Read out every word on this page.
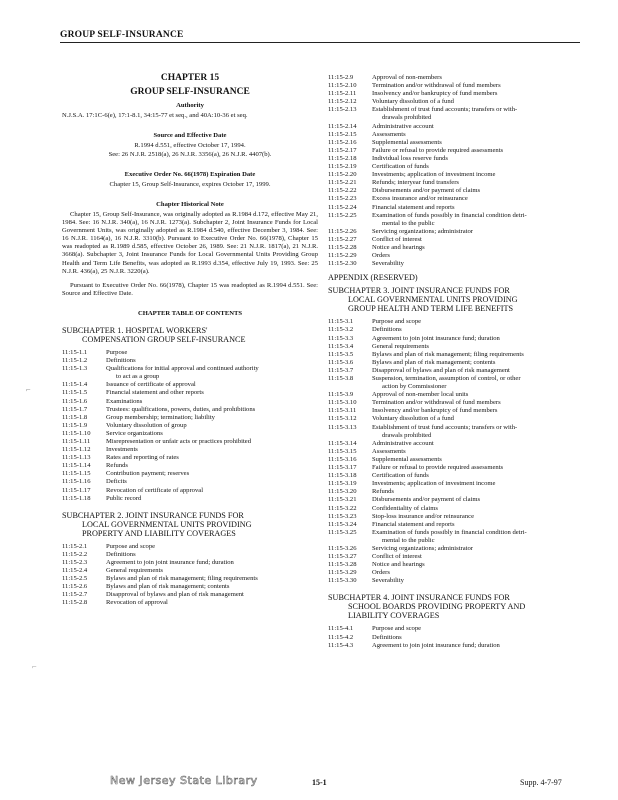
GROUP SELF-INSURANCE
CHAPTER 15
GROUP SELF-INSURANCE
Authority

N.J.S.A. 17:1C-6(e), 17:1-8.1, 34:15-77 et seq., and 40A:10-36 et seq.

Source and Effective Date
R.1994 d.551, effective October 17, 1994.
See: 26 N.J.R. 2518(a), 26 N.J.R. 3356(a), 26 N.J.R. 4407(b).
Executive Order No. 66(1978) Expiration Date
Chapter 15, Group Self-Insurance, expires October 17, 1999.
Chapter Historical Note

Chapter 15, Group Self-Insurance, was originally adopted as R.1984 d.172, effective May 21, 1984. See: 16 N.J.R. 340(a), 16 N.J.R. 1273(a). Subchapter 2, Joint Insurance Funds for Local Government Units, was originally adopted as R.1984 d.540, effective December 3, 1984. See: 16 N.J.R. 1164(a), 16 N.J.R. 3310(b). Pursuant to Executive Order No. 66(1978), Chapter 15 was readopted as R.1989 d.585, effective October 26, 1989. See: 21 N.J.R. 1817(a), 21 N.J.R. 3668(a). Subchapter 3, Joint Insurance Funds for Local Governmental Units Providing Group Health and Term Life Benefits, was adopted as R.1993 d.354, effective July 19, 1993. See: 25 N.J.R. 436(a), 25 N.J.R. 3220(a).

Pursuant to Executive Order No. 66(1978), Chapter 15 was readopted as R.1994 d.551. See: Source and Effective Date.

CHAPTER TABLE OF CONTENTS
SUBCHAPTER 1. HOSPITAL WORKERS'
COMPENSATION GROUP SELF-INSURANCE
11:15-1.1	Purpose
11:15-1.2	Definitions
11:15-1.3	Qualifications for initial approval and continued authority
to act as a group
11:15-1.4	Issuance of certificate of approval
11:15-1.5	Financial statement and other reports
11:15-1.6	Examinations
11:15-1.7	Trustees: qualifications, powers, duties, and prohibitions
11:15-1.8	Group membership; termination; liability
11:15-1.9	Voluntary dissolution of group
11:15-1.10	Service organizations
11:15-1.11	Misrepresentation or unfair acts or practices prohibited
11:15-1.12	Investments
11:15-1.13	Rates and reporting of rates
11:15-1.14	Refunds
11:15-1.15	Contribution payment; reserves
11:15-1.16	Deficits
11:15-1.17	Revocation of certificate of approval
11:15-1.18	Public record
SUBCHAPTER 2. JOINT INSURANCE FUNDS FOR
LOCAL GOVERNMENTAL UNITS PROVIDING
PROPERTY AND LIABILITY COVERAGES
11:15-2.1	Purpose and scope
11:15-2.2	Definitions
11:15-2.3	Agreement to join joint insurance fund; duration
11:15-2.4	General requirements
11:15-2.5	Bylaws and plan of risk management; filing requirements
11:15-2.6	Bylaws and plan of risk management; contents
11:15-2.7	Disapproval of bylaws and plan of risk management
11:15-2.8	Revocation of approval
11:15-2.9	Approval of non-members
11:15-2.10	Termination and/or withdrawal of fund members
11:15-2.11	Insolvency and/or bankruptcy of fund members
11:15-2.12	Voluntary dissolution of a fund
11:15-2.13	Establishment of trust fund accounts; transfers or with-
drawals prohibited
11:15-2.14	Administrative account
11:15-2.15	Assessments
11:15-2.16	Supplemental assessments
11:15-2.17	Failure or refusal to provide required assessments
11:15-2.18	Individual loss reserve funds
11:15-2.19	Certification of funds
11:15-2.20	Investments; application of investment income
11:15-2.21	Refunds; interyear fund transfers
11:15-2.22	Disbursements and/or payment of claims
11:15-2.23	Excess insurance and/or reinsurance
11:15-2.24	Financial statement and reports
11:15-2.25	Examination of funds possibly in financial condition detri-
mental to the public
11:15-2.26	Servicing organizations; administrator
11:15-2.27	Conflict of interest
11:15-2.28	Notice and hearings
11:15-2.29	Orders
11:15-2.30	Severability
APPENDIX (RESERVED)
SUBCHAPTER 3. JOINT INSURANCE FUNDS FOR
LOCAL GOVERNMENTAL UNITS PROVIDING
GROUP HEALTH AND TERM LIFE BENEFITS
11:15-3.1	Purpose and scope
11:15-3.2	Definitions
11:15-3.3	Agreement to join joint insurance fund; duration
11:15-3.4	General requirements
11:15-3.5	Bylaws and plan of risk management; filing requirements
11:15-3.6	Bylaws and plan of risk management; contents
11:15-3.7	Disapproval of bylaws and plan of risk management
11:15-3.8	Suspension, termination, assumption of control, or other
action by Commissioner
11:15-3.9	Approval of non-member local units
11:15-3.10	Termination and/or withdrawal of fund members
11:15-3.11	Insolvency and/or bankruptcy of fund members
11:15-3.12	Voluntary dissolution of a fund
11:15-3.13	Establishment of trust fund accounts; transfers or with-
drawals prohibited
11:15-3.14	Administrative account
11:15-3.15	Assessments
11:15-3.16	Supplemental assessments
11:15-3.17	Failure or refusal to provide required assessments
11:15-3.18	Certification of funds
11:15-3.19	Investments; application of investment income
11:15-3.20	Refunds
11:15-3.21	Disbursements and/or payment of claims
11:15-3.22	Confidentiality of claims
11:15-3.23	Stop-loss insurance and/or reinsurance
11:15-3.24	Financial statement and reports
11:15-3.25	Examination of funds possibly in financial condition detri-
mental to the public
11:15-3.26	Servicing organizations; administrator
11:15-3.27	Conflict of interest
11:15-3.28	Notice and hearings
11:15-3.29	Orders
11:15-3.30	Severability
SUBCHAPTER 4. JOINT INSURANCE FUNDS FOR
SCHOOL BOARDS PROVIDING PROPERTY AND
LIABILITY COVERAGES
11:15-4.1	Purpose and scope
11:15-4.2	Definitions
11:15-4.3	Agreement to join joint insurance fund; duration
⌐
⌐
New Jersey State Library	15-1	Supp. 4-7-97
